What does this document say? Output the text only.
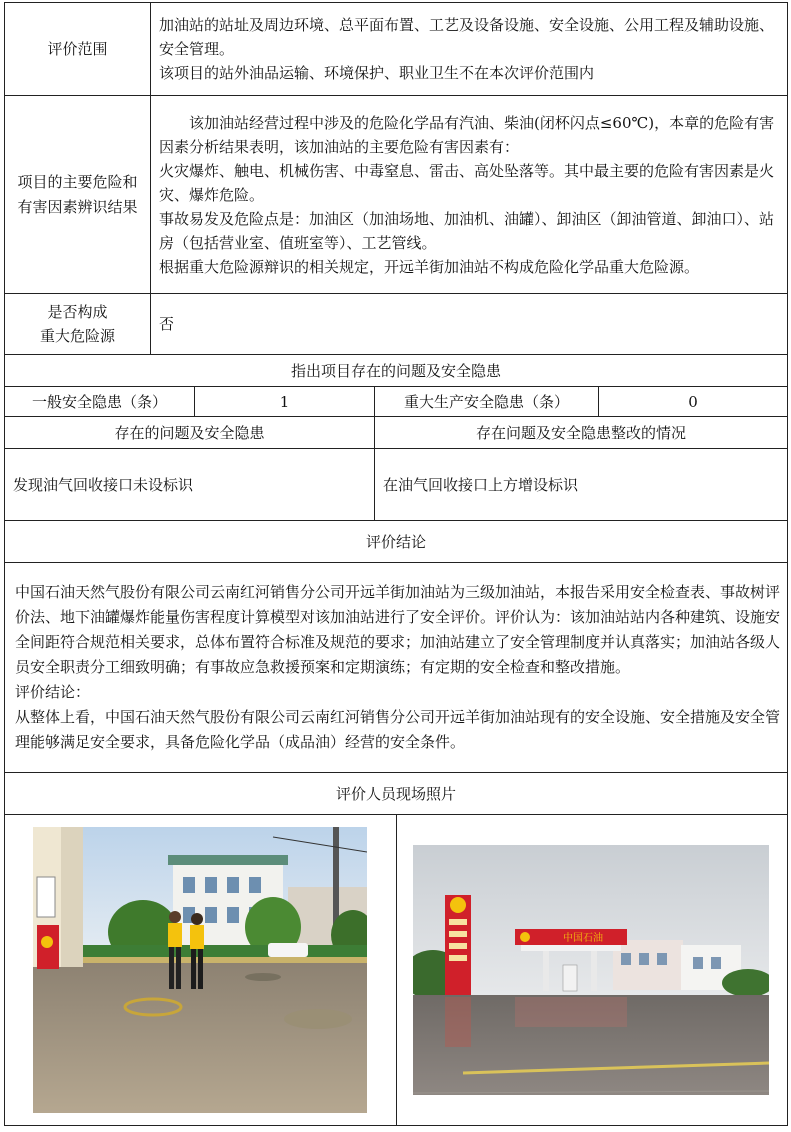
评价范围	加油站的站址及周边环境、总平面布置、工艺及设备设施、安全设施、公用工程及辅助设施、安全管理。

该项目的站外油品运输、环境保护、职业卫生不在本次评价范围内			

项目的主要危险和有害因素辨识结果	该加油站经营过程中涉及的危险化学品有汽油、柴油(闭杯闪点≤60℃)，本章的危险有害因素分析结果表明，该加油站的主要危险有害因素有：

火灾爆炸、触电、机械伤害、中毒窒息、雷击、高处坠落等。其中最主要的危险有害因素是火灾、爆炸危险。

事故易发及危险点是：加油区（加油场地、加油机、油罐）、卸油区（卸油管道、卸油口）、站房（包括营业室、值班室等）、工艺管线。

根据重大危险源辩识的相关规定，开远羊街加油站不构成危险化学品重大危险源。			

是否构成
重大危险源	否			
指出项目存在的问题及安全隐患				
一般安全隐患（条）		1	重大生产安全隐患（条）	0
存在的问题及安全隐患			存在问题及安全隐患整改的情况	
发现油气回收接口未设标识			在油气回收接口上方增设标识	
评价结论				

中国石油天然气股份有限公司云南红河销售分公司开远羊街加油站为三级加油站，本报告采用安全检查表、事故树评价法、地下油罐爆炸能量伤害程度计算模型对该加油站进行了安全评价。评价认为：该加油站站内各种建筑、设施安全间距符合规范相关要求，总体布置符合标准及规范的要求；加油站建立了安全管理制度并认真落实；加油站各级人员安全职责分工细致明确；有事故应急救援预案和定期演练；有定期的安全检查和整改措施。

评价结论：

从整体上看，中国石油天然气股份有限公司云南红河销售分公司开远羊街加油站现有的安全设施、安全措施及安全管理能够满足安全要求，具备危险化学品（成品油）经营的安全条件。				

评价人员现场照片				

中国石油				
